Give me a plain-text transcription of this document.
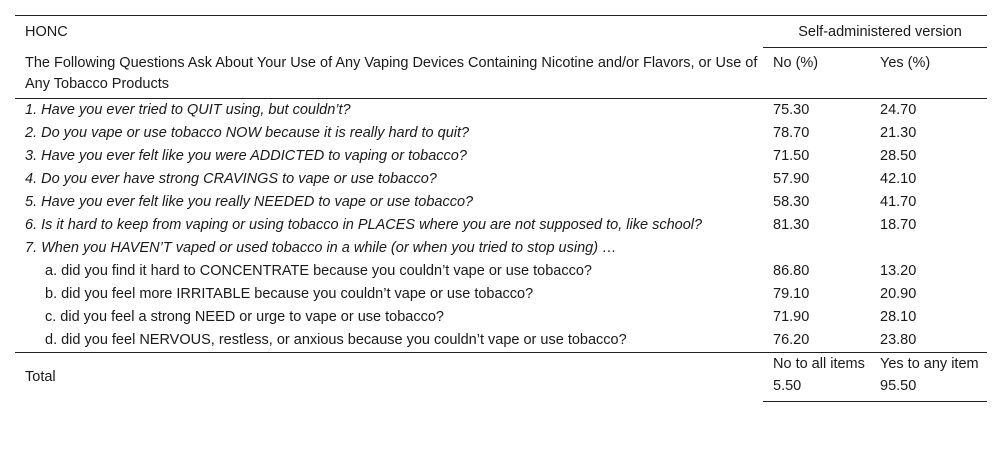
HONC	Self-administered version	
The Following Questions Ask About Your Use of Any Vaping Devices Containing Nicotine and/or Flavors, or Use of Any Tobacco Products	No (%)	Yes (%)
1. Have you ever tried to QUIT using, but couldn’t?	75.30	24.70
2. Do you vape or use tobacco NOW because it is really hard to quit?	78.70	21.30
3. Have you ever felt like you were ADDICTED to vaping or tobacco?	71.50	28.50
4. Do you ever have strong CRAVINGS to vape or use tobacco?	57.90	42.10
5. Have you ever felt like you really NEEDED to vape or use tobacco?	58.30	41.70
6. Is it hard to keep from vaping or using tobacco in PLACES where you are not supposed to, like school?	81.30	18.70
7. When you HAVEN’T vaped or used tobacco in a while (or when you tried to stop using) …		
a. did you find it hard to CONCENTRATE because you couldn’t vape or use tobacco?	86.80	13.20
b. did you feel more IRRITABLE because you couldn’t vape or use tobacco?	79.10	20.90
c. did you feel a strong NEED or urge to vape or use tobacco?	71.90	28.10
d. did you feel NERVOUS, restless, or anxious because you couldn’t vape or use tobacco?	76.20	23.80
Total	No to all items	Yes to any item
	5.50	95.50
